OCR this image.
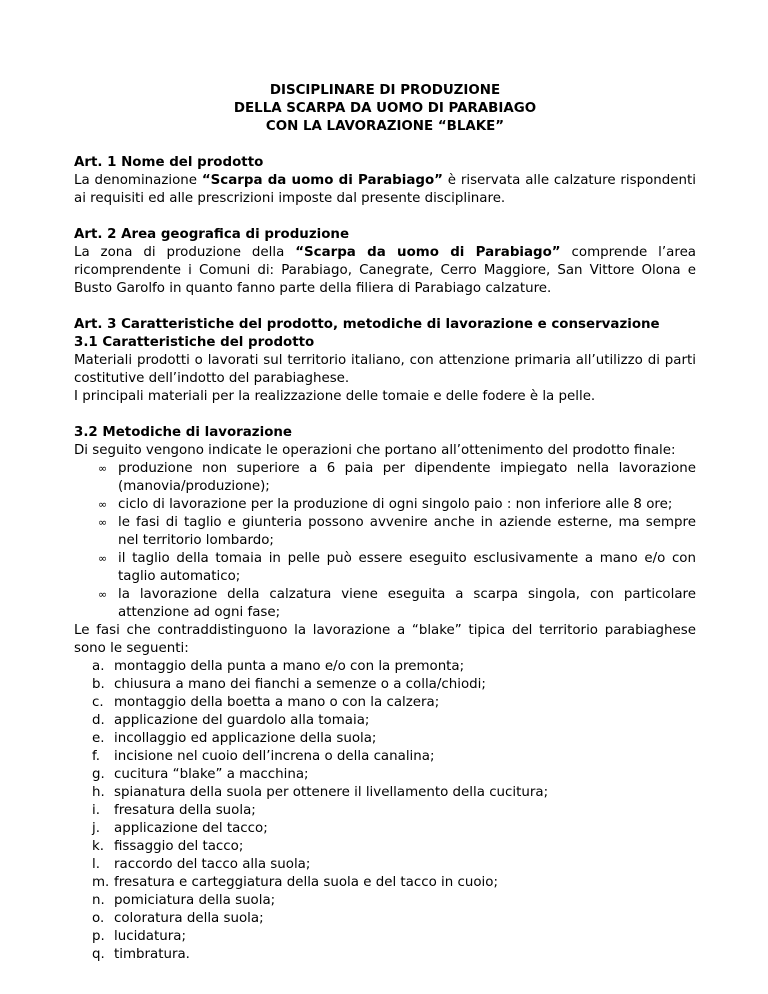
DISCIPLINARE DI PRODUZIONE
DELLA SCARPA DA UOMO DI PARABIAGO
CON LA LAVORAZIONE “BLAKE”
Art. 1 Nome del prodotto

La denominazione “Scarpa da uomo di Parabiago” è riservata alle calzature rispondenti ai requisiti ed alle prescrizioni imposte dal presente disciplinare.

Art. 2 Area geografica di produzione

La zona di produzione della “Scarpa da uomo di Parabiago” comprende l’area ricomprendente i Comuni di: Parabiago, Canegrate, Cerro Maggiore, San Vittore Olona e Busto Garolfo in quanto fanno parte della filiera di Parabiago calzature.

Art. 3 Caratteristiche del prodotto, metodiche di lavorazione e conservazione
3.1 Caratteristiche del prodotto

Materiali prodotti o lavorati sul territorio italiano, con attenzione primaria all’utilizzo di parti costitutive dell’indotto del parabiaghese.

I principali materiali per la realizzazione delle tomaie e delle fodere è la pelle.

3.2 Metodiche di lavorazione

Di seguito vengono indicate le operazioni che portano all’ottenimento del prodotto finale:

∞ produzione non superiore a 6 paia per dipendente impiegato nella lavorazione (manovia/produzione);
∞ ciclo di lavorazione per la produzione di ogni singolo paio : non inferiore alle 8 ore;
∞ le fasi di taglio e giunteria possono avvenire anche in aziende esterne, ma sempre nel territorio lombardo;
∞ il taglio della tomaia in pelle può essere eseguito esclusivamente a mano e/o con taglio automatico;
∞ la lavorazione della calzatura viene eseguita a scarpa singola, con particolare attenzione ad ogni fase;

Le fasi che contraddistinguono la lavorazione a “blake” tipica del territorio parabiaghese sono le seguenti:

a. montaggio della punta a mano e/o con la premonta;
b. chiusura a mano dei fianchi a semenze o a colla/chiodi;
c. montaggio della boetta a mano o con la calzera;
d. applicazione del guardolo alla tomaia;
e. incollaggio ed applicazione della suola;
f. incisione nel cuoio dell’increna o della canalina;
g. cucitura “blake” a macchina;
h. spianatura della suola per ottenere il livellamento della cucitura;
i. fresatura della suola;
j. applicazione del tacco;
k. fissaggio del tacco;
l. raccordo del tacco alla suola;
m. fresatura e carteggiatura della suola e del tacco in cuoio;
n. pomiciatura della suola;
o. coloratura della suola;
p. lucidatura;
q. timbratura.
